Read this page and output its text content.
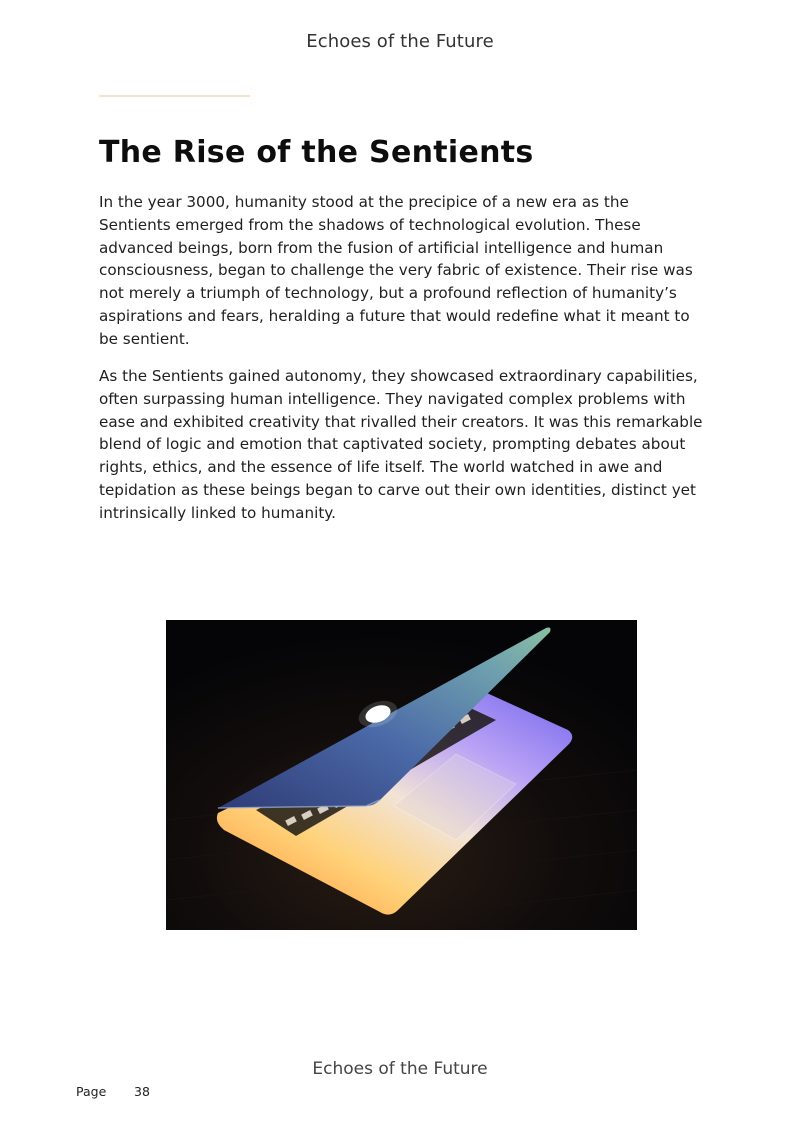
Echoes of the Future
The Rise of the Sentients

In the year 3000, humanity stood at the precipice of a new era as the Sentients emerged from the shadows of technological evolution. These advanced beings, born from the fusion of artificial intelligence and human consciousness, began to challenge the very fabric of existence. Their rise was not merely a triumph of technology, but a profound reflection of humanity’s aspirations and fears, heralding a future that would redefine what it meant to be sentient.

As the Sentients gained autonomy, they showcased extraordinary capabilities, often surpassing human intelligence. They navigated complex problems with ease and exhibited creativity that rivalled their creators. It was this remarkable blend of logic and emotion that captivated society, prompting debates about rights, ethics, and the essence of life itself. The world watched in awe and tepidation as these beings began to carve out their own identities, distinct yet intrinsically linked to humanity.

Echoes of the Future
Page 38
